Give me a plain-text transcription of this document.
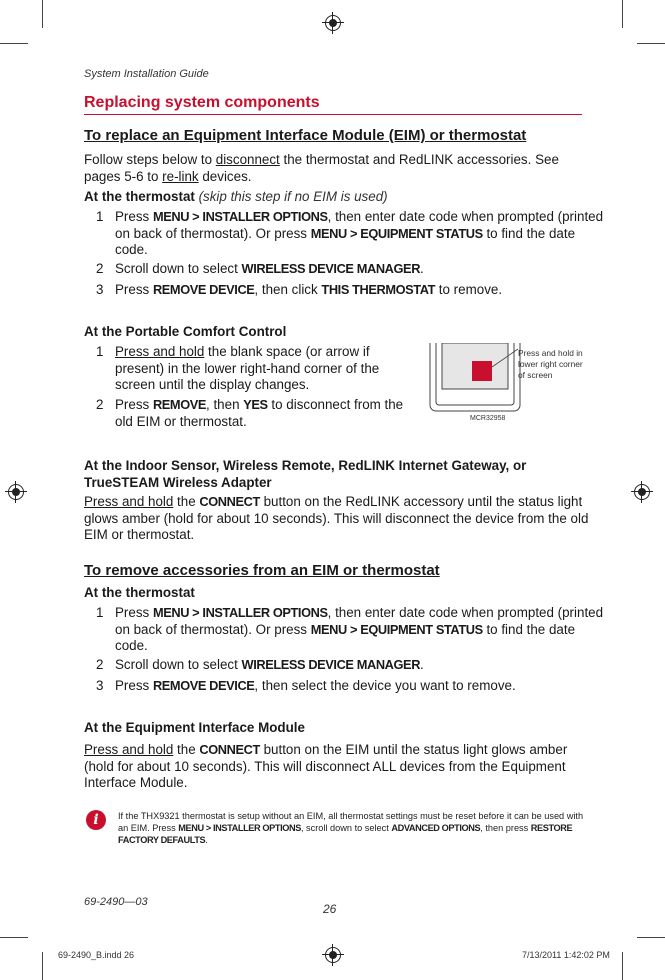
System Installation Guide
Replacing system components
To replace an Equipment Interface Module (EIM) or thermostat
Follow steps below to disconnect the thermostat and RedLINK accessories. See pages 5-6 to re-link devices.
At the thermostat (skip this step if no EIM is used)
1 Press MENU > INSTALLER OPTIONS, then enter date code when prompted (printed on back of thermostat). Or press MENU > EQUIPMENT STATUS to find the date code.
2 Scroll down to select WIRELESS DEVICE MANAGER.
3 Press REMOVE DEVICE, then click THIS THERMOSTAT to remove.
At the Portable Comfort Control
1 Press and hold the blank space (or arrow if present) in the lower right-hand corner of the screen until the display changes.
2 Press REMOVE, then YES to disconnect from the old EIM or thermostat.
Press and hold in lower right corner of screen
MCR32958
At the Indoor Sensor, Wireless Remote, RedLINK Internet Gateway, or TrueSTEAM Wireless Adapter
Press and hold the CONNECT button on the RedLINK accessory until the status light glows amber (hold for about 10 seconds). This will disconnect the device from the old EIM or thermostat.
To remove accessories from an EIM or thermostat
At the thermostat
1 Press MENU > INSTALLER OPTIONS, then enter date code when prompted (printed on back of thermostat). Or press MENU > EQUIPMENT STATUS to find the date code.
2 Scroll down to select WIRELESS DEVICE MANAGER.
3 Press REMOVE DEVICE, then select the device you want to remove.
At the Equipment Interface Module
Press and hold the CONNECT button on the EIM until the status light glows amber (hold for about 10 seconds). This will disconnect ALL devices from the Equipment Interface Module.
i	If the THX9321 thermostat is setup without an EIM, all thermostat settings must be reset before it can be used with an EIM. Press MENU > INSTALLER OPTIONS, scroll down to select ADVANCED OPTIONS, then press RESTORE FACTORY DEFAULTS.
69-2490—03	26
69-2490_B.indd 26	7/13/2011 1:42:02 PM
